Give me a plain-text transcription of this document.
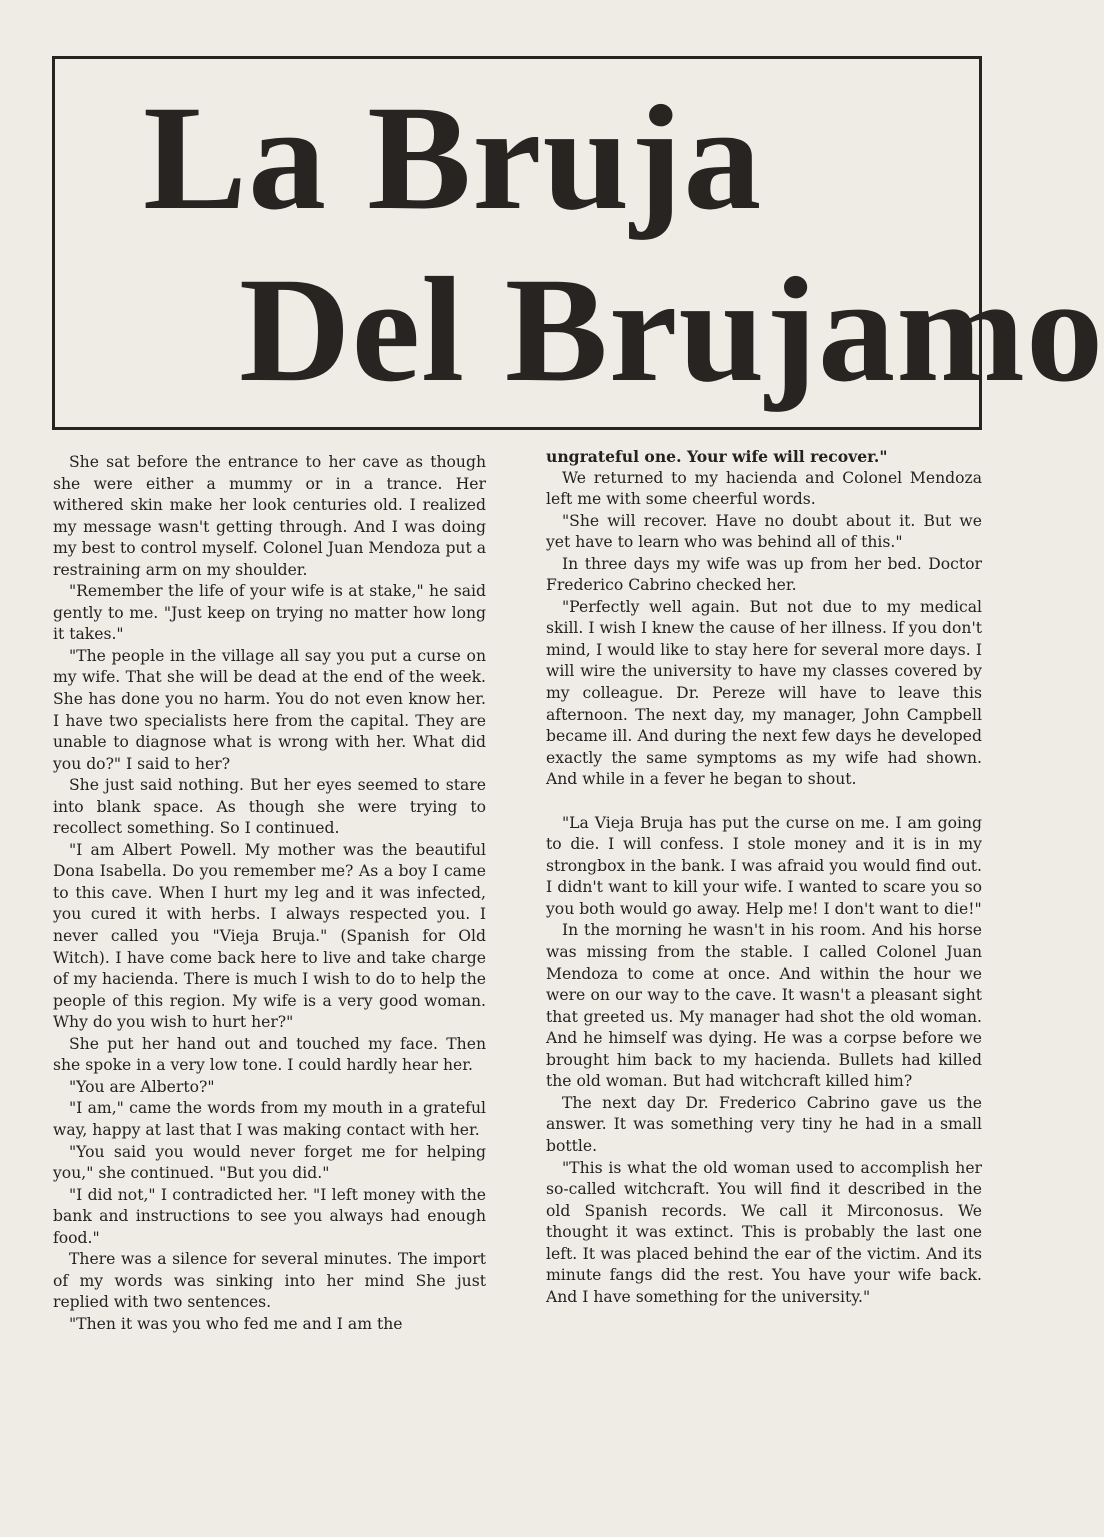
La Bruja
Del Brujamo

She sat before the entrance to her cave as though she were either a mummy or in a trance. Her withered skin make her look centuries old. I realized my message wasn't getting through. And I was doing my best to control myself. Colonel Juan Mendoza put a restraining arm on my shoulder.

"Remember the life of your wife is at stake," he said gently to me. "Just keep on trying no matter how long it takes."

"The people in the village all say you put a curse on my wife. That she will be dead at the end of the week. She has done you no harm. You do not even know her. I have two specialists here from the capital. They are unable to diagnose what is wrong with her. What did you do?" I said to her?

She just said nothing. But her eyes seemed to stare into blank space. As though she were trying to recollect something. So I continued.

"I am Albert Powell. My mother was the beautiful Dona Isabella. Do you remember me? As a boy I came to this cave. When I hurt my leg and it was infected, you cured it with herbs. I always respected you. I never called you "Vieja Bruja." (Spanish for Old Witch). I have come back here to live and take charge of my hacienda. There is much I wish to do to help the people of this region. My wife is a very good woman. Why do you wish to hurt her?"

She put her hand out and touched my face. Then she spoke in a very low tone. I could hardly hear her.

"You are Alberto?"

"I am," came the words from my mouth in a grateful way, happy at last that I was making contact with her.

"You said you would never forget me for helping you," she continued. "But you did."

"I did not," I contradicted her. "I left money with the bank and instructions to see you always had enough food."

There was a silence for several minutes. The import of my words was sinking into her mind She just replied with two sentences.

"Then it was you who fed me and I am the

ungrateful one. Your wife will recover."

We returned to my hacienda and Colonel Mendoza left me with some cheerful words.

"She will recover. Have no doubt about it. But we yet have to learn who was behind all of this."

In three days my wife was up from her bed. Doctor Frederico Cabrino checked her.

"Perfectly well again. But not due to my medical skill. I wish I knew the cause of her illness. If you don't mind, I would like to stay here for several more days. I will wire the university to have my classes covered by my colleague. Dr. Pereze will have to leave this afternoon. The next day, my manager, John Campbell became ill. And during the next few days he developed exactly the same symptoms as my wife had shown. And while in a fever he began to shout.

"La Vieja Bruja has put the curse on me. I am going to die. I will confess. I stole money and it is in my strongbox in the bank. I was afraid you would find out. I didn't want to kill your wife. I wanted to scare you so you both would go away. Help me! I don't want to die!"

In the morning he wasn't in his room. And his horse was missing from the stable. I called Colonel Juan Mendoza to come at once. And within the hour we were on our way to the cave. It wasn't a pleasant sight that greeted us. My manager had shot the old woman. And he himself was dying. He was a corpse before we brought him back to my hacienda. Bullets had killed the old woman. But had witchcraft killed him?

The next day Dr. Frederico Cabrino gave us the answer. It was something very tiny he had in a small bottle.

"This is what the old woman used to accomplish her so-called witchcraft. You will find it described in the old Spanish records. We call it Mirconosus. We thought it was extinct. This is probably the last one left. It was placed behind the ear of the victim. And its minute fangs did the rest. You have your wife back. And I have something for the university."
